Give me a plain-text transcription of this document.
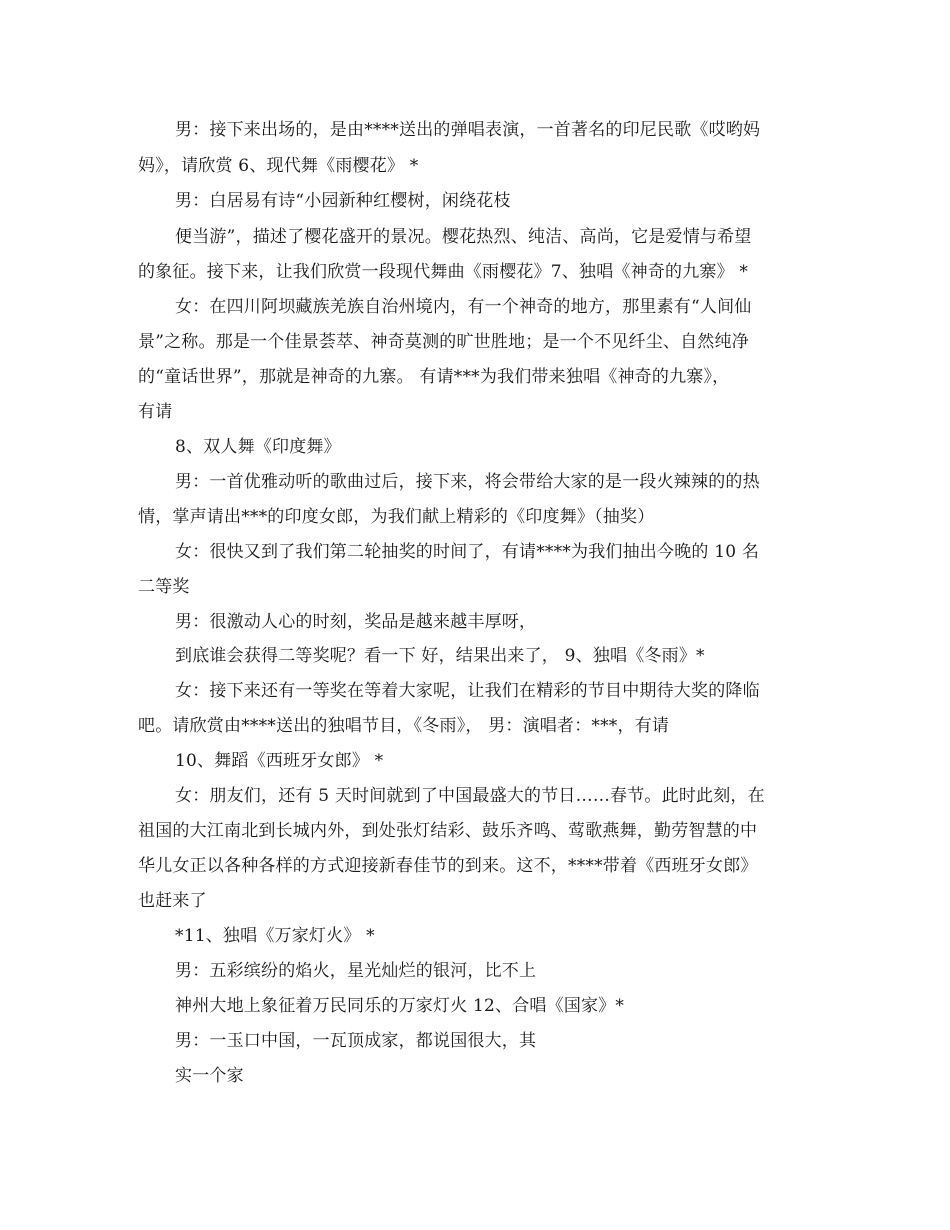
男：接下来出场的，是由****送出的弹唱表演，一首著名的印尼民歌《哎哟妈
妈》，请欣赏 6、现代舞《雨樱花》 *
男：白居易有诗“小园新种红樱树，闲绕花枝
便当游”，描述了樱花盛开的景况。樱花热烈、纯洁、高尚，它是爱情与希望
的象征。接下来，让我们欣赏一段现代舞曲《雨樱花》7、独唱《神奇的九寨》 *
女：在四川阿坝藏族羌族自治州境内，有一个神奇的地方，那里素有“人间仙
景”之称。那是一个佳景荟萃、神奇莫测的旷世胜地；是一个不见纤尘、自然纯净
的“童话世界”，那就是神奇的九寨。 有请***为我们带来独唱《神奇的九寨》，
有请
8、双人舞《印度舞》
男：一首优雅动听的歌曲过后，接下来，将会带给大家的是一段火辣辣的的热
情，掌声请出***的印度女郎，为我们献上精彩的《印度舞》（抽奖）
女：很快又到了我们第二轮抽奖的时间了，有请****为我们抽出今晚的 10 名
二等奖
男：很激动人心的时刻，奖品是越来越丰厚呀，
到底谁会获得二等奖呢？看一下 好，结果出来了， 9、独唱《冬雨》*
女：接下来还有一等奖在等着大家呢，让我们在精彩的节目中期待大奖的降临
吧。请欣赏由****送出的独唱节目，《冬雨》， 男：演唱者：***，有请
10、舞蹈《西班牙女郎》 *
女：朋友们，还有 5 天时间就到了中国最盛大的节日……春节。此时此刻，在
祖国的大江南北到长城内外，到处张灯结彩、鼓乐齐鸣、莺歌燕舞，勤劳智慧的中
华儿女正以各种各样的方式迎接新春佳节的到来。这不，****带着《西班牙女郎》
也赶来了
*11、独唱《万家灯火》 *
男：五彩缤纷的焰火，星光灿烂的银河，比不上
神州大地上象征着万民同乐的万家灯火 12、合唱《国家》*
男：一玉口中国，一瓦顶成家，都说国很大，其
实一个家
